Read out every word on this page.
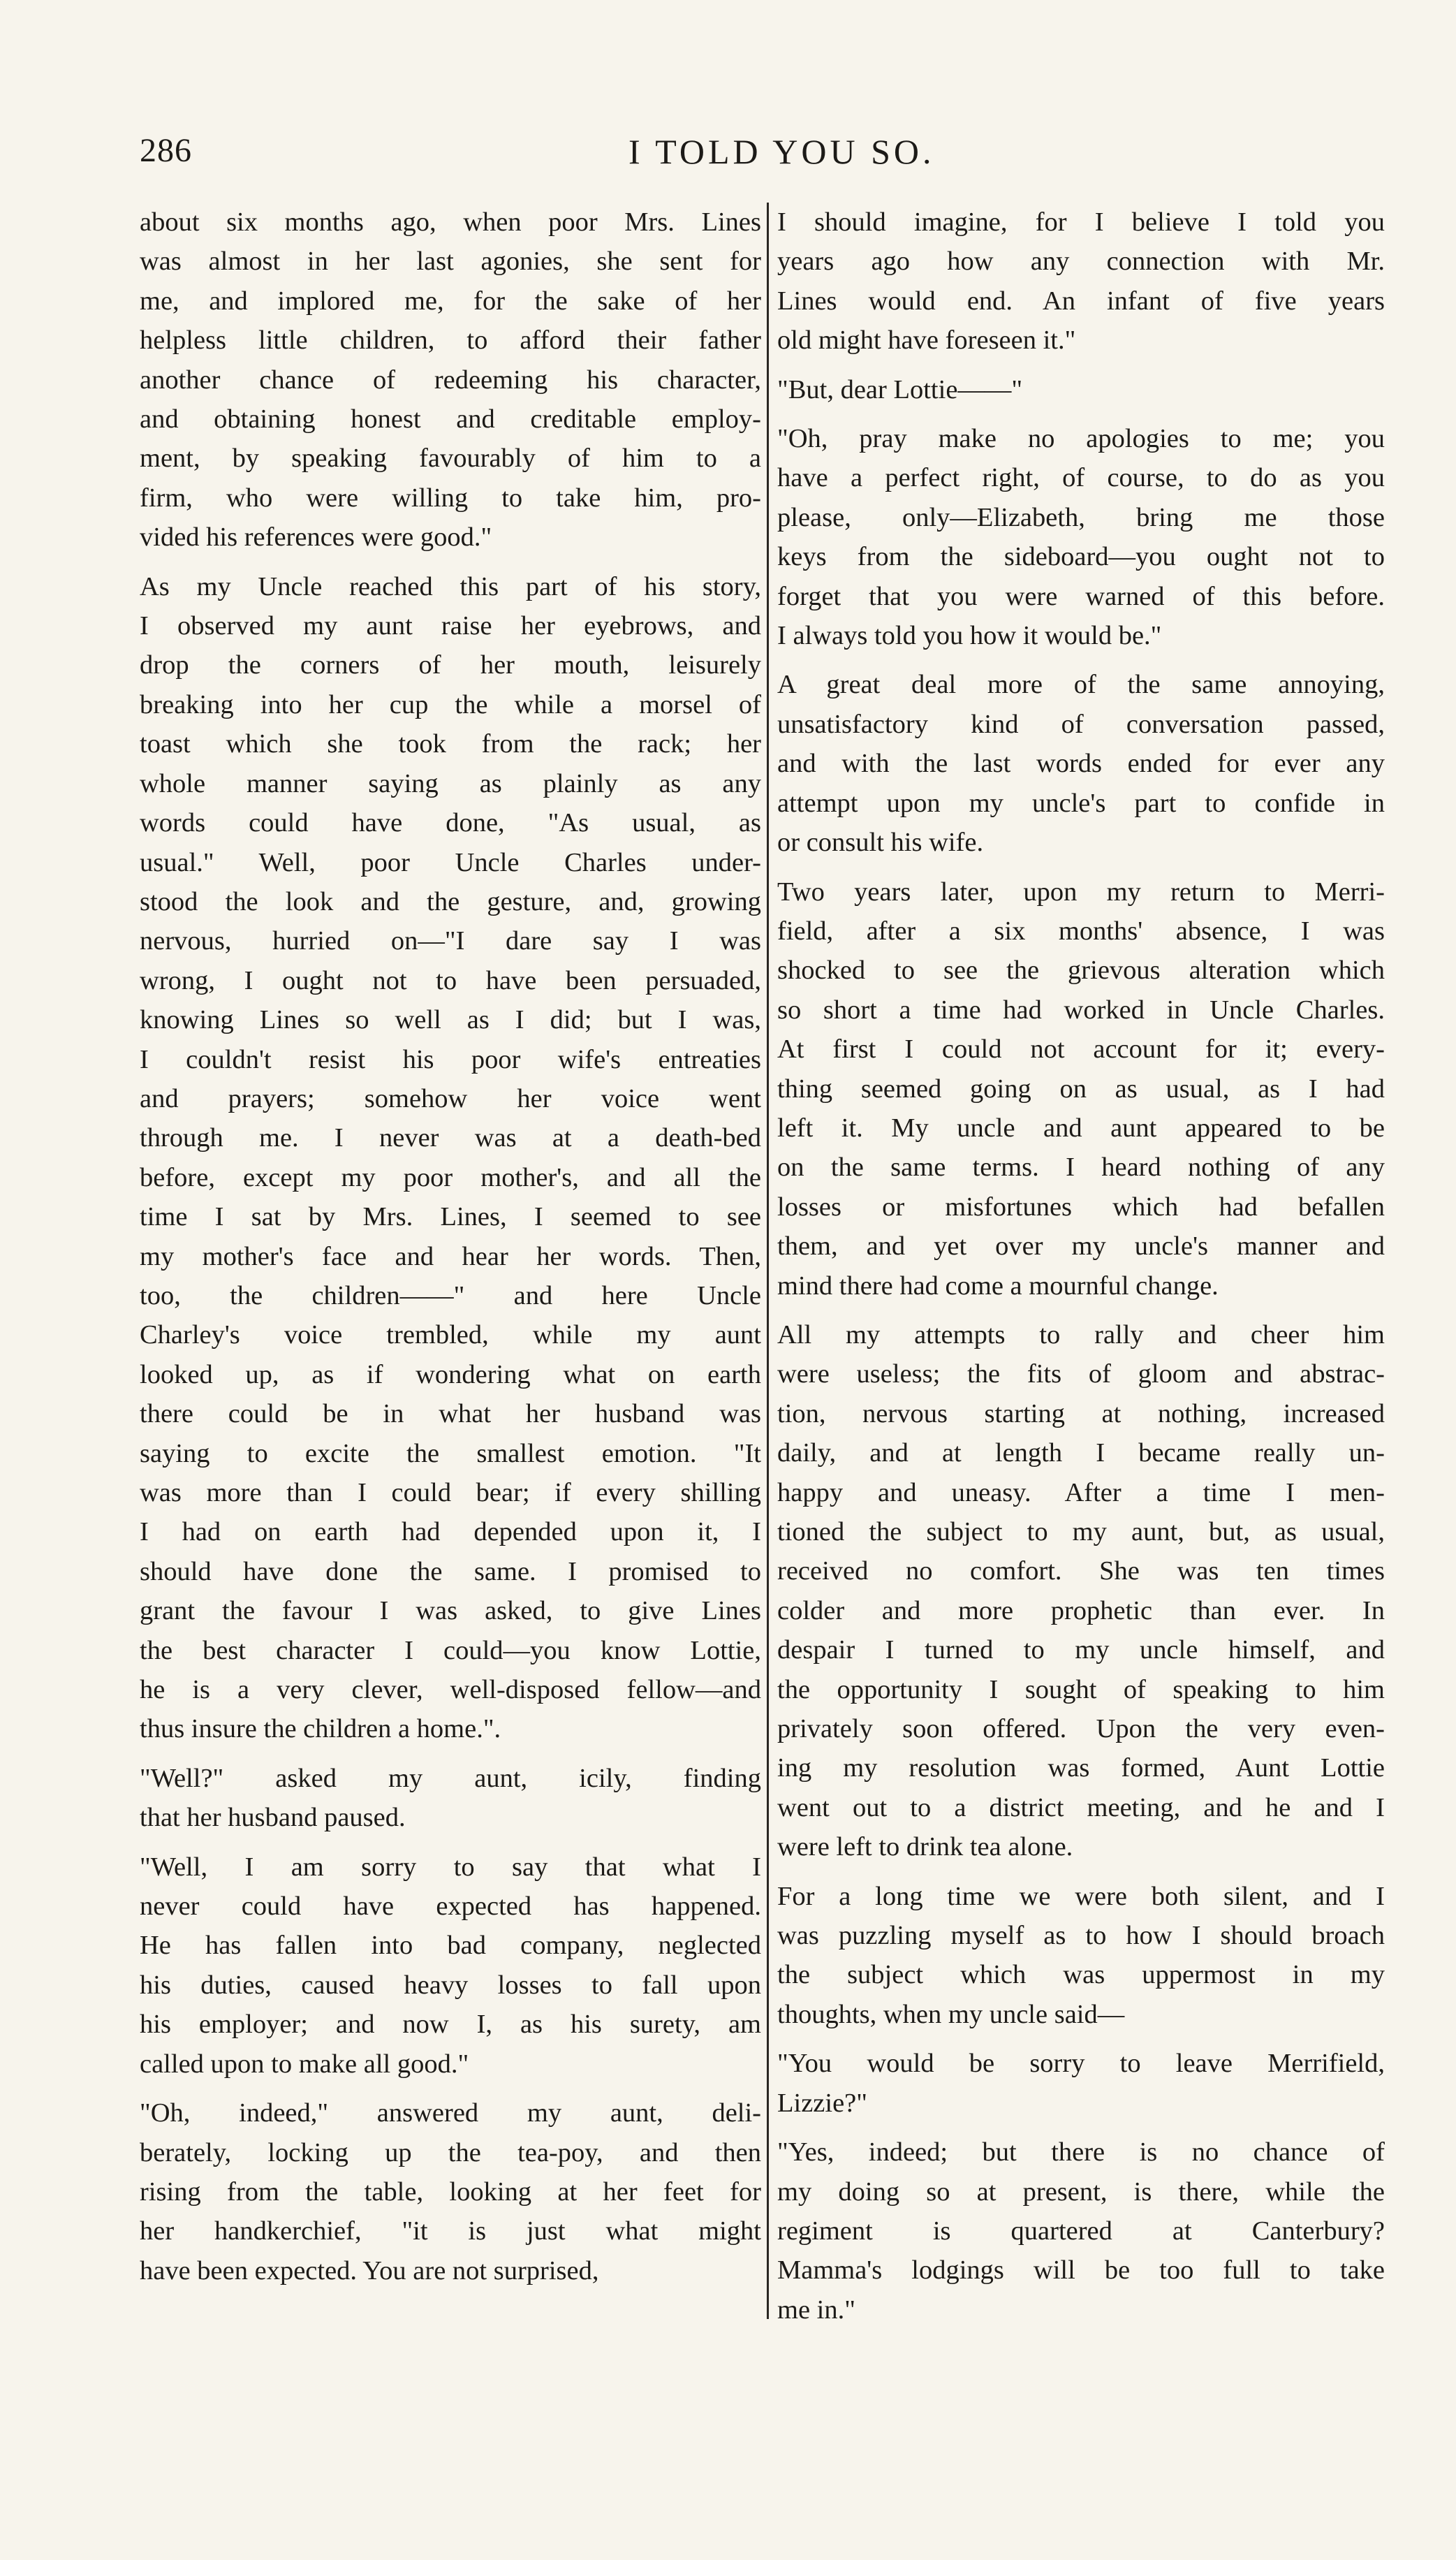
286	I TOLD YOU SO.
about six months ago, when poor Mrs. Lines
was almost in her last agonies, she sent for
me, and implored me, for the sake of her
helpless little children, to afford their father
another chance of redeeming his character,
and obtaining honest and creditable employ-
ment, by speaking favourably of him to a
firm, who were willing to take him, pro-
vided his references were good."
As my Uncle reached this part of his story,
I observed my aunt raise her eyebrows, and
drop the corners of her mouth, leisurely
breaking into her cup the while a morsel of
toast which she took from the rack; her
whole manner saying as plainly as any
words could have done, "As usual, as
usual." Well, poor Uncle Charles under-
stood the look and the gesture, and, growing
nervous, hurried on—"I dare say I was
wrong, I ought not to have been persuaded,
knowing Lines so well as I did; but I was,
I couldn't resist his poor wife's entreaties
and prayers; somehow her voice went
through me. I never was at a death-bed
before, except my poor mother's, and all the
time I sat by Mrs. Lines, I seemed to see
my mother's face and hear her words. Then,
too, the children——" and here Uncle
Charley's voice trembled, while my aunt
looked up, as if wondering what on earth
there could be in what her husband was
saying to excite the smallest emotion. "It
was more than I could bear; if every shilling
I had on earth had depended upon it, I
should have done the same. I promised to
grant the favour I was asked, to give Lines
the best character I could—you know Lottie,
he is a very clever, well-disposed fellow—and
thus insure the children a home.".
"Well?" asked my aunt, icily, finding
that her husband paused.
"Well, I am sorry to say that what I
never could have expected has happened.
He has fallen into bad company, neglected
his duties, caused heavy losses to fall upon
his employer; and now I, as his surety, am
called upon to make all good."
"Oh, indeed," answered my aunt, deli-
berately, locking up the tea-poy, and then
rising from the table, looking at her feet for
her handkerchief, "it is just what might
have been expected. You are not surprised,
I should imagine, for I believe I told you
years ago how any connection with Mr.
Lines would end. An infant of five years
old might have foreseen it."
"But, dear Lottie——"
"Oh, pray make no apologies to me; you
have a perfect right, of course, to do as you
please, only—Elizabeth, bring me those
keys from the sideboard—you ought not to
forget that you were warned of this before.
I always told you how it would be."
A great deal more of the same annoying,
unsatisfactory kind of conversation passed,
and with the last words ended for ever any
attempt upon my uncle's part to confide in
or consult his wife.
Two years later, upon my return to Merri-
field, after a six months' absence, I was
shocked to see the grievous alteration which
so short a time had worked in Uncle Charles.
At first I could not account for it; every-
thing seemed going on as usual, as I had
left it. My uncle and aunt appeared to be
on the same terms. I heard nothing of any
losses or misfortunes which had befallen
them, and yet over my uncle's manner and
mind there had come a mournful change.
All my attempts to rally and cheer him
were useless; the fits of gloom and abstrac-
tion, nervous starting at nothing, increased
daily, and at length I became really un-
happy and uneasy. After a time I men-
tioned the subject to my aunt, but, as usual,
received no comfort. She was ten times
colder and more prophetic than ever. In
despair I turned to my uncle himself, and
the opportunity I sought of speaking to him
privately soon offered. Upon the very even-
ing my resolution was formed, Aunt Lottie
went out to a district meeting, and he and I
were left to drink tea alone.
For a long time we were both silent, and I
was puzzling myself as to how I should broach
the subject which was uppermost in my
thoughts, when my uncle said—
"You would be sorry to leave Merrifield,
Lizzie?"
"Yes, indeed; but there is no chance of
my doing so at present, is there, while the
regiment is quartered at Canterbury?
Mamma's lodgings will be too full to take
me in."
